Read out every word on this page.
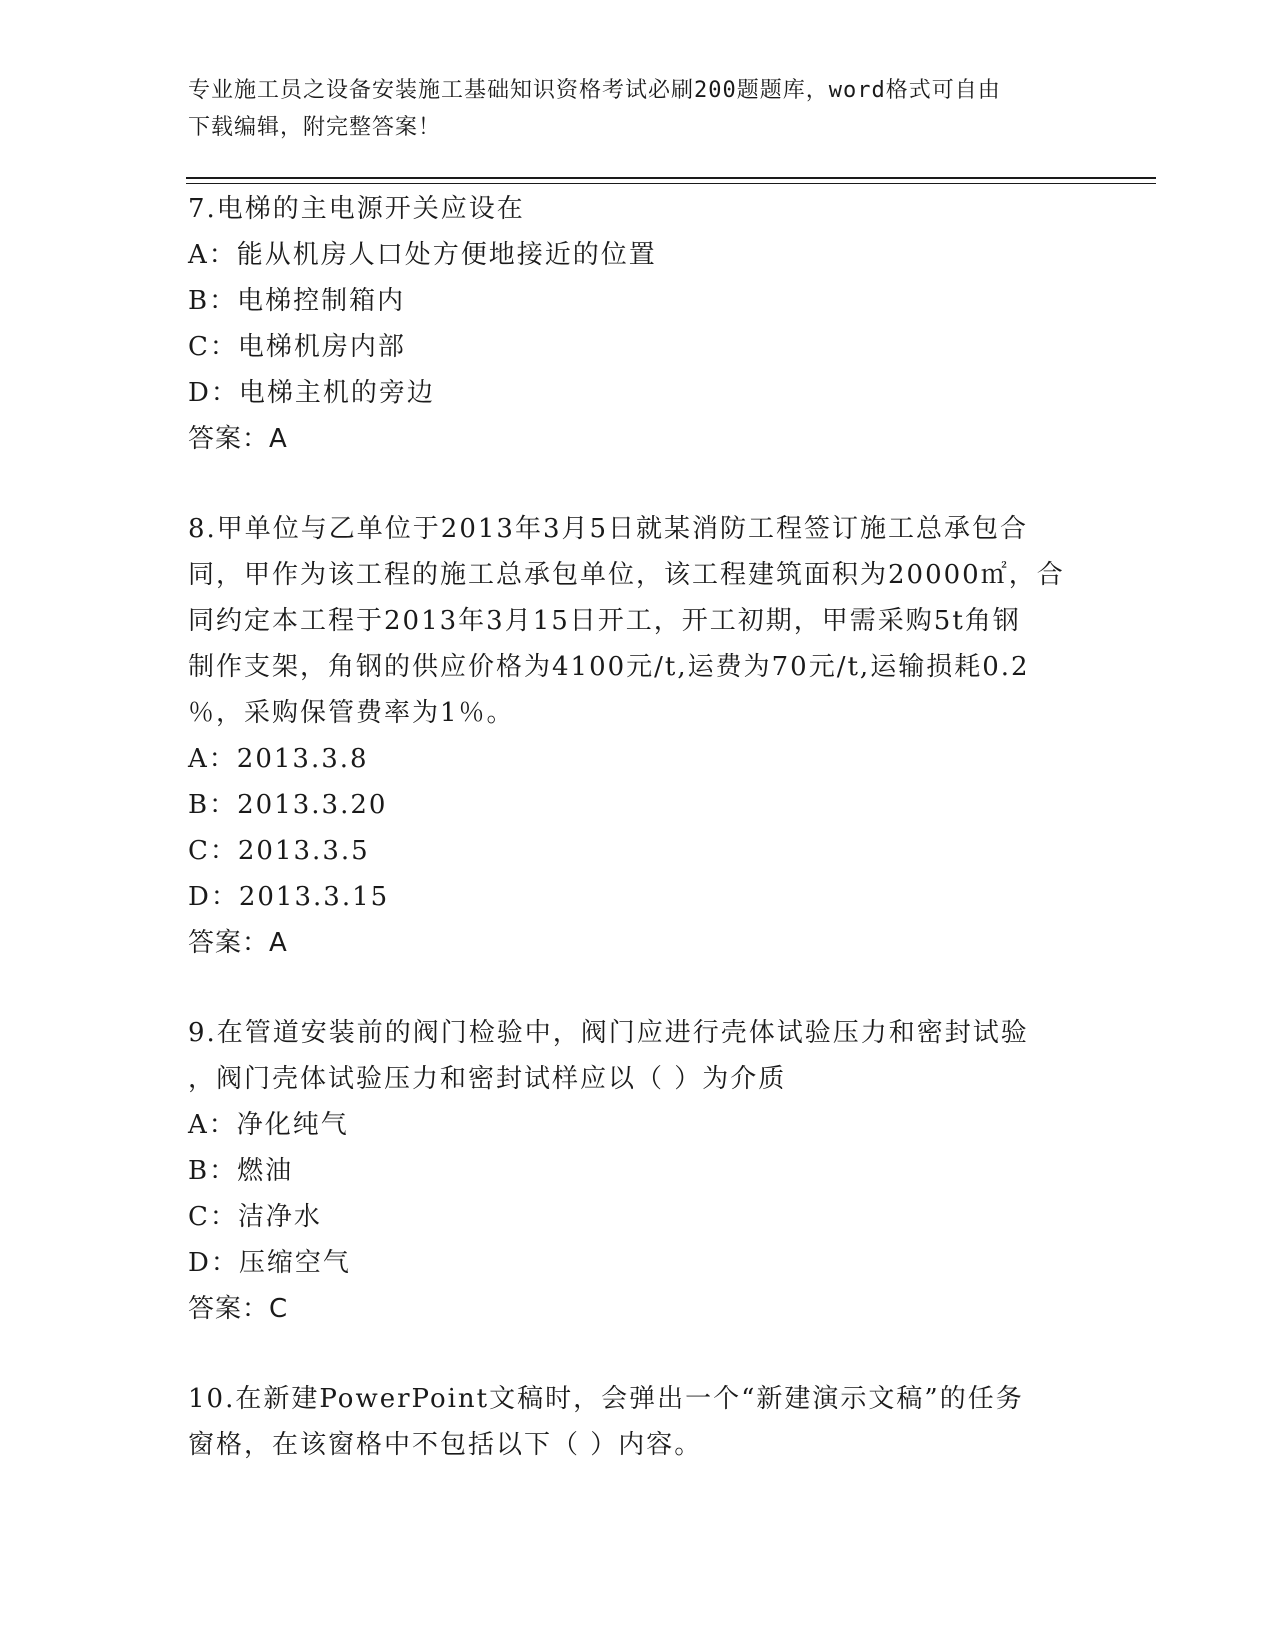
专业施工员之设备安装施工基础知识资格考试必刷200题题库，word格式可自由
下载编辑，附完整答案！
7.电梯的主电源开关应设在
A：能从机房人口处方便地接近的位置
B：电梯控制箱内
C：电梯机房内部
D：电梯主机的旁边
答案：A
8.甲单位与乙单位于2013年3月5日就某消防工程签订施工总承包合
同，甲作为该工程的施工总承包单位，该工程建筑面积为20000㎡，合
同约定本工程于2013年3月15日开工，开工初期，甲需采购5t角钢
制作支架，角钢的供应价格为4100元/t,运费为70元/t,运输损耗0.2
％，采购保管费率为1％。
A：2013.3.8
B：2013.3.20
C：2013.3.5
D：2013.3.15
答案：A
9.在管道安装前的阀门检验中，阀门应进行壳体试验压力和密封试验
，阀门壳体试验压力和密封试样应以（ ）为介质
A：净化纯气
B：燃油
C：洁净水
D：压缩空气
答案：C
10.在新建PowerPoint文稿时，会弹出一个“新建演示文稿”的任务
窗格，在该窗格中不包括以下（ ）内容。
